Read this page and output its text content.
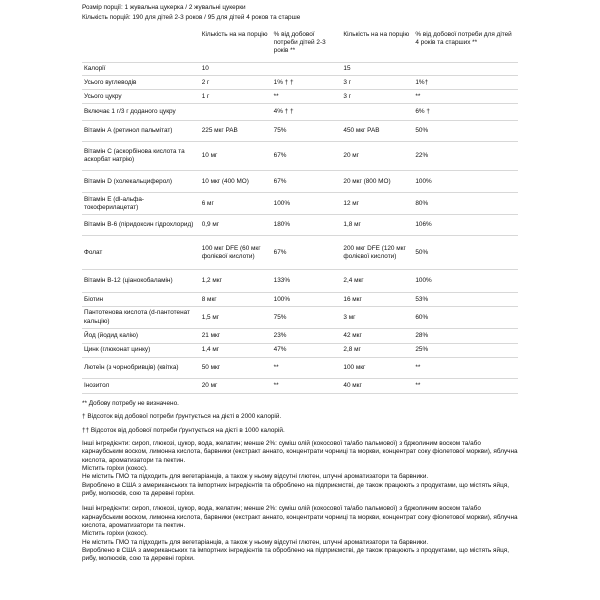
Розмір порції: 1 жувальна цукерка / 2 жувальні цукерки

Кількість порцій: 190 для дітей 2-3 роков / 95 для дітей 4 роков та старше

	Кількість на на порцію	% від добової потреби дітей 2-3 років **	Кількість на на порцію	% від добової потреби для дітей 4 років та старших **
Калорії	10		15	
Усього вуглеводів	2 г	1% † †	3 г	1%†
Усього цукру	1 г	**	3 г	**
Включає 1 г/3 г доданого цукру		4% † †		6% †
Вітамін А (ретинол пальмітат)	225 мкг РАВ	75%	450 мкг РАВ	50%
Вітамін С (аскорбінова кислота та аскорбат натрію)	10 мг	67%	20 мг	22%
Вітамін D (холекальциферол)	10 мкг (400 МО)	67%	20 мкг (800 МО)	100%
Вітамін Е (dl-альфа-токоферилацетат)	6 мг	100%	12 мг	80%
Вітамін В-6 (піридоксин гідрохлорид)	0,9 мг	180%	1,8 мг	106%
Фолат	100 мкг DFE (60 мкг фолієвої кислоти)	67%	200 мкг DFE (120 мкг фолієвої кислоти)	50%
Вітамін В-12 (ціанокобаламін)	1,2 мкг	133%	2,4 мкг	100%
Біотин	8 мкг	100%	16 мкг	53%
Пантотенова кислота (d-пантотенат кальцію)	1,5 мг	75%	3 мг	60%
Йод (йодид калію)	21 мкг	23%	42 мкг	28%
Цинк (глюконат цинку)	1,4 мг	47%	2,8 мг	25%
Лютеїн (з чорнобривців) (квітка)	50 мкг	**	100 мкг	**
Інозитол	20 мг	**	40 мкг	**

** Добову потребу не визначено.

† Відсоток від добової потреби ґрунтується на дієті в 2000 калорій.

†† Відсоток від добової потреби ґрунтується на дієті в 1000 калорій.

Інші інгредієнти: сироп, глюкозі, цукор, вода, желатин; менше 2%: суміш олій (кокосової та/або пальмової) з бджолиним воском та/або карнаубським воском, лимонна кислота, барвники (екстракт аннато, концентрати чорниці та моркви, концентрат соку фіолетової моркви), яблучна кислота, ароматизатори та пектин.

Містить горіхи (кокос).

Не містить ГМО та підходить для вегетаріанців, а також у ньому відсутні глютен, штучні ароматизатори та барвники.

Вироблено в США з американських та імпортних інгредієнтів та оброблено на підприємстві, де також працюють з продуктами, що містять яйця, рибу, молюсків, сою та деревні горіхи.

Інші інгредієнти: сироп, глюкозі, цукор, вода, желатин; менше 2%: суміш олій (кокосової та/або пальмової) з бджолиним воском та/або карнаубським воском, лимонна кислота, барвники (екстракт аннато, концентрати чорниці та моркви, концентрат соку фіолетової моркви), яблучна кислота, ароматизатори та пектин.

Містить горіхи (кокос).

Не містить ГМО та підходить для вегетаріанців, а також у ньому відсутні глютен, штучні ароматизатори та барвники.

Вироблено в США з американських та імпортних інгредієнтів та оброблено на підприємстві, де також працюють з продуктами, що містять яйця, рибу, молюсків, сою та деревні горіхи.
